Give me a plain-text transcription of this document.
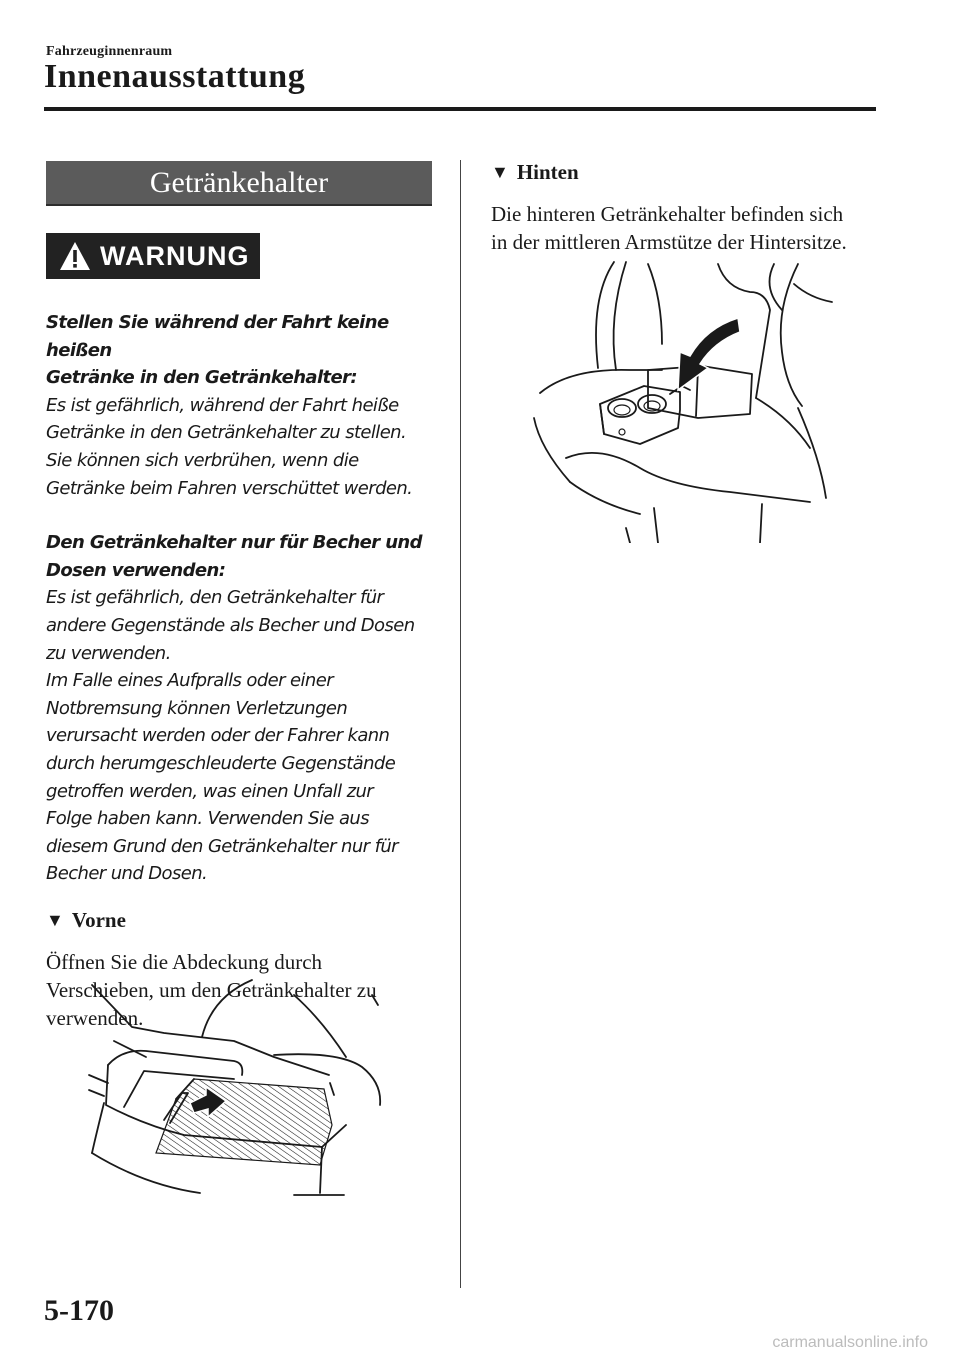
Fahrzeuginnenraum
Innenausstattung
Getränkehalter
WARNUNG
Stellen Sie während der Fahrt keine heißen
Getränke in den Getränkehalter:
Es ist gefährlich, während der Fahrt heiße
Getränke in den Getränkehalter zu stellen.
Sie können sich verbrühen, wenn die
Getränke beim Fahren verschüttet werden.
Den Getränkehalter nur für Becher und
Dosen verwenden:
Es ist gefährlich, den Getränkehalter für
andere Gegenstände als Becher und Dosen
zu verwenden.
Im Falle eines Aufpralls oder einer
Notbremsung können Verletzungen
verursacht werden oder der Fahrer kann
durch herumgeschleuderte Gegenstände
getroffen werden, was einen Unfall zur
Folge haben kann. Verwenden Sie aus
diesem Grund den Getränkehalter nur für
Becher und Dosen.
▼ Vorne
Öffnen Sie die Abdeckung durch
Verschieben, um den Getränkehalter zu
verwenden.
▼ Hinten
Die hinteren Getränkehalter befinden sich
in der mittleren Armstütze der Hintersitze.
5-170
carmanualsonline.info
